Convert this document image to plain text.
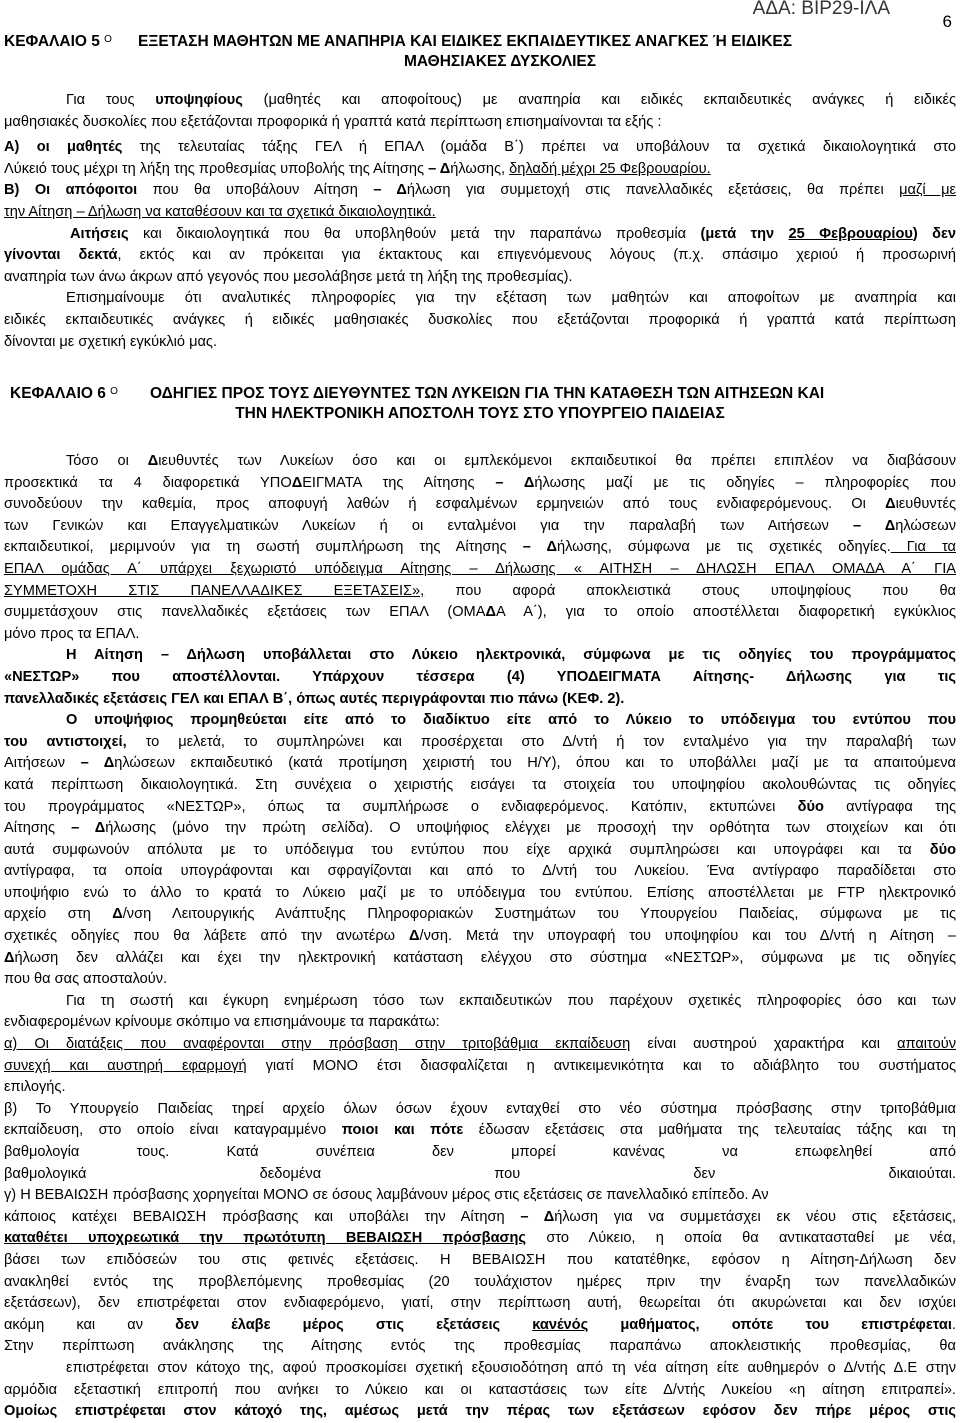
ΑΔΑ: ΒΙΡ29-ΙΛΑ
6
ΚΕΦΑΛΑΙΟ 5 $^O$ ΕΞΕΤΑΣΗ ΜΑΘΗΤΩΝ ΜΕ ΑΝΑΠΗΡΙΑ ΚΑΙ ΕΙΔΙΚΕΣ ΕΚΠΑΙΔΕΥΤΙΚΕΣ ΑΝΑΓΚΕΣ Ή ΕΙΔΙΚΕΣ
ΜΑΘΗΣΙΑΚΕΣ ΔΥΣΚΟΛΙΕΣ
Για τους υποψηφίους (μαθητές και αποφοίτους) με αναπηρία και ειδικές εκπαιδευτικές ανάγκες ή ειδικές
μαθησιακές δυσκολίες που εξετάζονται προφορικά ή γραπτά κατά περίπτωση επισημαίνονται τα εξής :
A) οι μαθητές της τελευταίας τάξης ΓΕΛ ή ΕΠΑΛ (ομάδα Β΄) πρέπει να υποβάλουν τα σχετικά δικαιολογητικά στο
Λύκειό τους μέχρι τη λήξη της προθεσμίας υποβολής της Αίτησης – Δήλωσης, δηλαδή μέχρι 25 Φεβρουαρίου.
B) Οι απόφοιτοι που θα υποβάλουν Αίτηση – Δήλωση για συμμετοχή στις πανελλαδικές εξετάσεις, θα πρέπει μαζί με
την Αίτηση – Δήλωση να καταθέσουν και τα σχετικά δικαιολογητικά.
Αιτήσεις και δικαιολογητικά που θα υποβληθούν μετά την παραπάνω προθεσμία (μετά την 25 Φεβρουαρίου) δεν
γίνονται δεκτά, εκτός και αν πρόκειται για έκτακτους και επιγενόμενους λόγους (π.χ. σπάσιμο χεριού ή προσωρινή
αναπηρία των άνω άκρων από γεγονός που μεσολάβησε μετά τη λήξη της προθεσμίας).
Επισημαίνουμε ότι αναλυτικές πληροφορίες για την εξέταση των μαθητών και αποφοίτων με αναπηρία και
ειδικές εκπαιδευτικές ανάγκες ή ειδικές μαθησιακές δυσκολίες που εξετάζονται προφορικά ή γραπτά κατά περίπτωση
δίνονται με σχετική εγκύκλιό μας.
ΚΕΦΑΛΑΙΟ 6 $^O$ ΟΔΗΓΙΕΣ ΠΡΟΣ ΤΟΥΣ ΔΙΕΥΘΥΝΤΕΣ ΤΩΝ ΛΥΚΕΙΩΝ ΓΙΑ ΤΗΝ ΚΑΤΑΘΕΣΗ ΤΩΝ ΑΙΤΗΣΕΩΝ ΚΑΙ
ΤΗΝ ΗΛΕΚΤΡΟΝΙΚΗ ΑΠΟΣΤΟΛΗ ΤΟΥΣ ΣΤΟ ΥΠΟΥΡΓΕΙΟ ΠΑΙΔΕΙΑΣ
Τόσο οι Διευθυντές των Λυκείων όσο και οι εμπλεκόμενοι εκπαιδευτικοί θα πρέπει επιπλέον να διαβάσουν
προσεκτικά τα 4 διαφορετικά ΥΠΟΔΕΙΓΜΑΤΑ της Αίτησης – Δήλωσης μαζί με τις οδηγίες – πληροφορίες που
συνοδεύουν την καθεμία, προς αποφυγή λαθών ή εσφαλμένων ερμηνειών από τους ενδιαφερόμενους. Οι Διευθυντές
των Γενικών και Επαγγελματικών Λυκείων ή οι ενταλμένοι για την παραλαβή των Αιτήσεων – Δηλώσεων
εκπαιδευτικοί, μεριμνούν για τη σωστή συμπλήρωση της Αίτησης – Δήλωσης, σύμφωνα με τις σχετικές οδηγίες. Για τα
ΕΠΑΛ ομάδας Α΄ υπάρχει ξεχωριστό υπόδειγμα Αίτησης – Δήλωσης « ΑΙΤΗΣΗ – ΔΗΛΩΣΗ ΕΠΑΛ ΟΜΑΔΑ Α΄ ΓΙΑ
ΣΥΜΜΕΤΟΧΗ ΣΤΙΣ ΠΑΝΕΛΛΑΔΙΚΕΣ ΕΞΕΤΑΣΕΙΣ», που αφορά αποκλειστικά στους υποψηφίους που θα
συμμετάσχουν στις πανελλαδικές εξετάσεις των ΕΠΑΛ (ΟΜΑΔΑ Α΄), για το οποίο αποστέλλεται διαφορετική εγκύκλιος
μόνο προς τα ΕΠΑΛ.
Η Αίτηση – Δήλωση υποβάλλεται στο Λύκειο ηλεκτρονικά, σύμφωνα με τις οδηγίες του προγράμματος
«ΝΕΣΤΩΡ» που αποστέλλονται. Υπάρχουν τέσσερα (4) ΥΠΟΔΕΙΓΜΑΤΑ Αίτησης- Δήλωσης για τις
πανελλαδικές εξετάσεις ΓΕΛ και ΕΠΑΛ Β΄, όπως αυτές περιγράφονται πιο πάνω (ΚΕΦ. 2).
Ο υποψήφιος προμηθεύεται είτε από το διαδίκτυο είτε από το Λύκειο το υπόδειγμα του εντύπου που
του αντιστοιχεί, το μελετά, το συμπληρώνει και προσέρχεται στο Δ/ντή ή τον ενταλμένο για την παραλαβή των
Αιτήσεων – Δηλώσεων εκπαιδευτικό (κατά προτίμηση χειριστή του Η/Υ), όπου και το υποβάλλει μαζί με τα απαιτούμενα
κατά περίπτωση δικαιολογητικά. Στη συνέχεια ο χειριστής εισάγει τα στοιχεία του υποψηφίου ακολουθώντας τις οδηγίες
του προγράμματος «ΝΕΣΤΩΡ», όπως τα συμπλήρωσε ο ενδιαφερόμενος. Κατόπιν, εκτυπώνει δύο αντίγραφα της
Αίτησης – Δήλωσης (μόνο την πρώτη σελίδα). Ο υποψήφιος ελέγχει με προσοχή την ορθότητα των στοιχείων και ότι
αυτά συμφωνούν απόλυτα με το υπόδειγμα του εντύπου που είχε αρχικά συμπληρώσει και υπογράφει και τα δύο
αντίγραφα, τα οποία υπογράφονται και σφραγίζονται και από το Δ/ντή του Λυκείου. Ένα αντίγραφο παραδίδεται στο
υποψήφιο ενώ το άλλο το κρατά το Λύκειο μαζί με το υπόδειγμα του εντύπου. Επίσης αποστέλλεται με FTP ηλεκτρονικό
αρχείο στη Δ/νση Λειτουργικής Ανάπτυξης Πληροφοριακών Συστημάτων του Υπουργείου Παιδείας, σύμφωνα με τις
σχετικές οδηγίες που θα λάβετε από την ανωτέρω Δ/νση. Μετά την υπογραφή του υποψηφίου και του Δ/ντή η Αίτηση –
Δήλωση δεν αλλάζει και έχει την ηλεκτρονική κατάσταση ελέγχου στο σύστημα «ΝΕΣΤΩΡ», σύμφωνα με τις οδηγίες
που θα σας αποσταλούν.
Για τη σωστή και έγκυρη ενημέρωση τόσο των εκπαιδευτικών που παρέχουν σχετικές πληροφορίες όσο και των
ενδιαφερομένων κρίνουμε σκόπιμο να επισημάνουμε τα παρακάτω:
α) Οι διατάξεις που αναφέρονται στην πρόσβαση στην τριτοβάθμια εκπαίδευση είναι αυστηρού χαρακτήρα και απαιτούν
συνεχή και αυστηρή εφαρμογή γιατί ΜΟΝΟ έτσι διασφαλίζεται η αντικειμενικότητα και το αδιάβλητο του συστήματος
επιλογής.
β) Το Υπουργείο Παιδείας τηρεί αρχείο όλων όσων έχουν ενταχθεί στο νέο σύστημα πρόσβασης στην τριτοβάθμια
εκπαίδευση, στο οποίο είναι καταγραμμένο ποιοι και πότε έδωσαν εξετάσεις στα μαθήματα της τελευταίας τάξης και τη
βαθμολογία τους. Κατά συνέπεια δεν μπορεί κανένας να επωφεληθεί από
βαθμολογικά δεδομένα που δεν δικαιούται.
γ) Η ΒΕΒΑΙΩΣΗ πρόσβασης χορηγείται ΜΟΝΟ σε όσους λαμβάνουν μέρος στις εξετάσεις σε πανελλαδικό επίπεδο. Αν
κάποιος κατέχει ΒΕΒΑΙΩΣΗ πρόσβασης και υποβάλει την Αίτηση – Δήλωση για να συμμετάσχει εκ νέου στις εξετάσεις,
καταθέτει υποχρεωτικά την πρωτότυπη ΒΕΒΑΙΩΣΗ πρόσβασης στο Λύκειο, η οποία θα αντικατασταθεί με νέα,
βάσει των επιδόσεών του στις φετινές εξετάσεις. Η ΒΕΒΑΙΩΣΗ που κατατέθηκε, εφόσον η Αίτηση-Δήλωση δεν
ανακληθεί εντός της προβλεπόμενης προθεσμίας (20 τουλάχιστον ημέρες πριν την έναρξη των πανελλαδικών
εξετάσεων), δεν επιστρέφεται στον ενδιαφερόμενο, γιατί, στην περίπτωση αυτή, θεωρείται ότι ακυρώνεται και δεν ισχύει
ακόμη και αν δεν έλαβε μέρος στις εξετάσεις κανένός μαθήματος, οπότε του επιστρέφεται.
Στην περίπτωση ανάκλησης της Αίτησης εντός της προθεσμίας παραπάνω αποκλειστικής προθεσμίας, θα
επιστρέφεται στον κάτοχο της, αφού προσκομίσει σχετική εξουσιοδότηση από τη νέα αίτηση είτε αυθημερόν ο Δ/ντής Δ.Ε στην
αρμόδια εξεταστική επιτροπή που ανήκει το Λύκειο και οι καταστάσεις των είτε Δ/ντής Λυκείου «η αίτηση επιτραπεί».
Ομοίως επιστρέφεται στον κάτοχό της, αμέσως μετά την πέρας των εξετάσεων εφόσον δεν πήρε μέρος στις
